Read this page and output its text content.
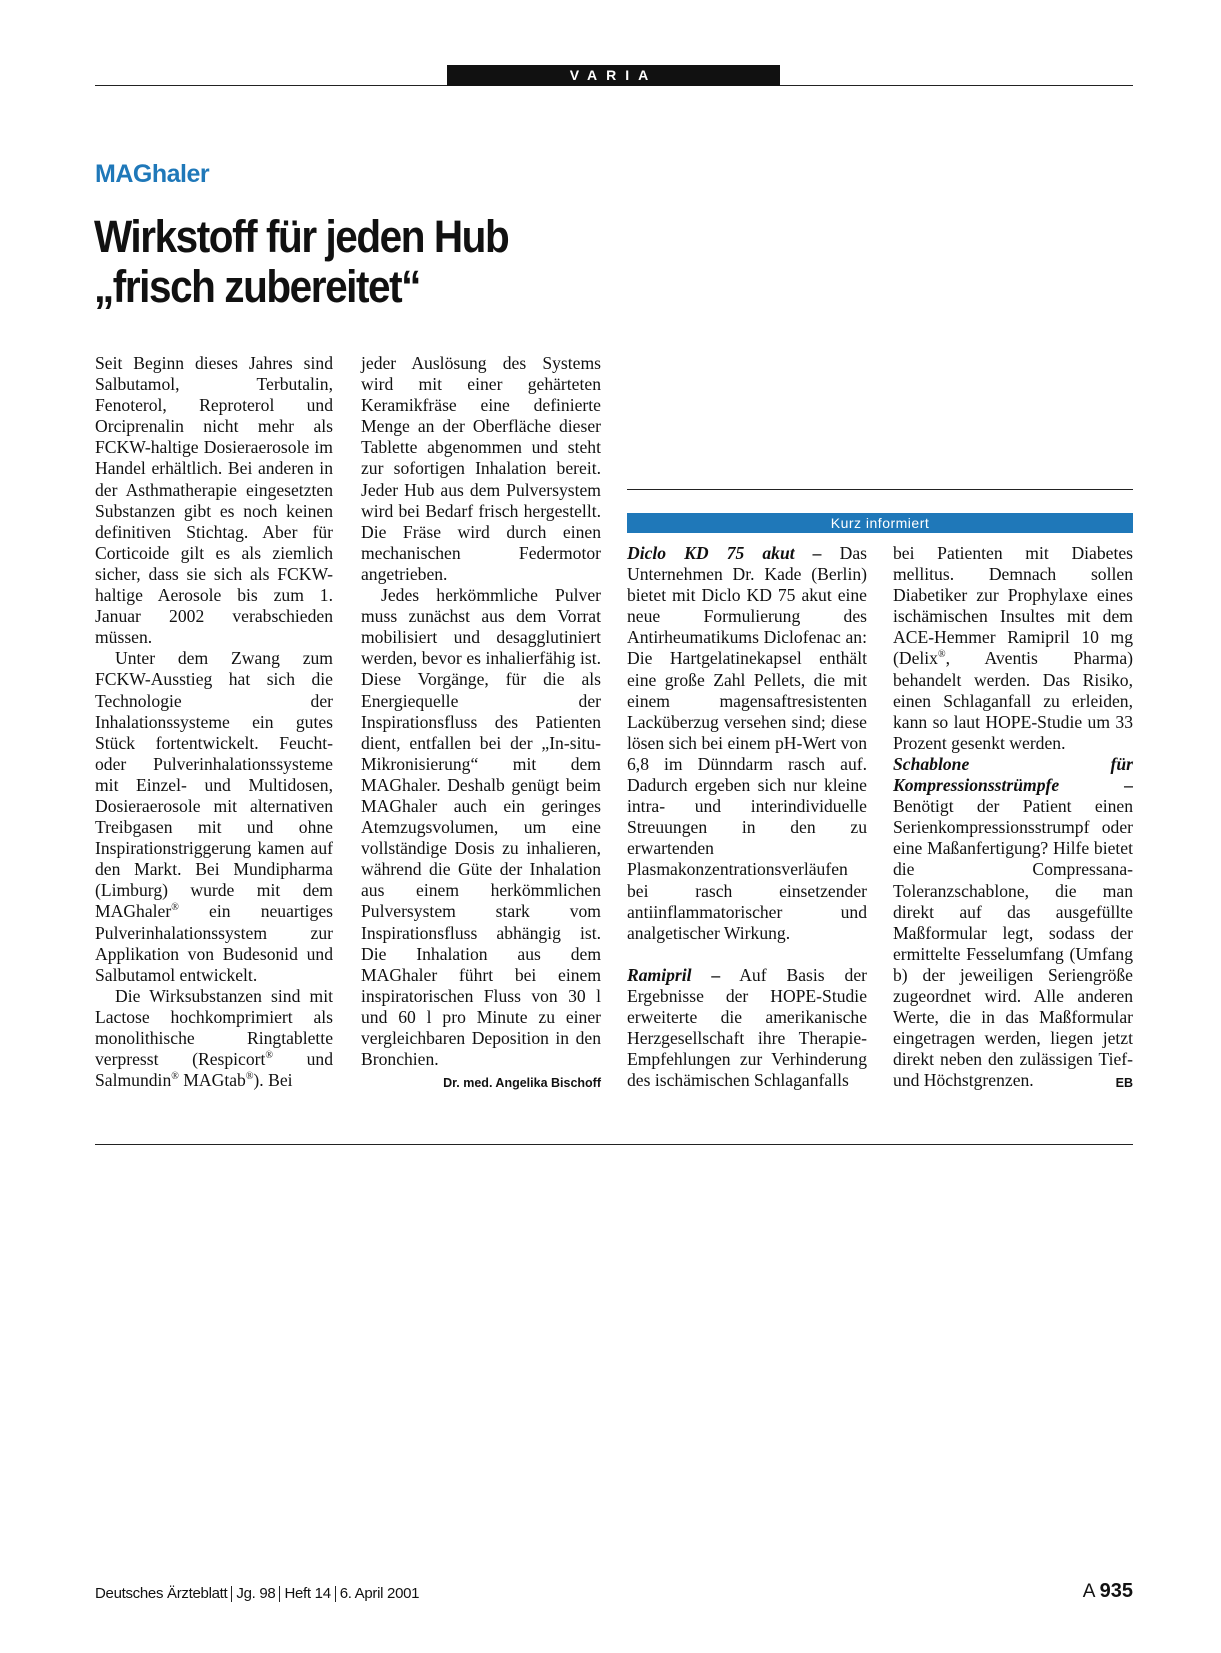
VARIA
MAGhaler
Wirkstoff für jeden Hub
„frisch zubereitet“

Seit Beginn dieses Jahres sind Salbutamol, Terbutalin, Fenoterol, Reproterol und Orciprenalin nicht mehr als FCKW-haltige Dosieraerosole im Handel erhältlich. Bei anderen in der Asthmatherapie eingesetzten Substanzen gibt es noch keinen definitiven Stichtag. Aber für Corticoide gilt es als ziemlich sicher, dass sie sich als FCKW-haltige Aerosole bis zum 1. Januar 2002 verabschieden müssen.

Unter dem Zwang zum FCKW-Ausstieg hat sich die Technologie der Inhalationssysteme ein gutes Stück fortentwickelt. Feucht- oder Pulverinhalationssysteme mit Einzel- und Multidosen, Dosieraerosole mit alternativen Treibgasen mit und ohne Inspirationstriggerung kamen auf den Markt. Bei Mundipharma (Limburg) wurde mit dem MAGhaler® ein neuartiges Pulverinhalationssystem zur Applikation von Budesonid und Salbutamol entwickelt.

Die Wirksubstanzen sind mit Lactose hochkomprimiert als monolithische Ringtablette verpresst (Respicort® und Salmundin® MAGtab®). Bei

jeder Auslösung des Systems wird mit einer gehärteten Keramikfräse eine definierte Menge an der Oberfläche dieser Tablette abgenommen und steht zur sofortigen Inhalation bereit. Jeder Hub aus dem Pulversystem wird bei Bedarf frisch hergestellt. Die Fräse wird durch einen mechanischen Federmotor angetrieben.

Jedes herkömmliche Pulver muss zunächst aus dem Vorrat mobilisiert und desagglutiniert werden, bevor es inhalierfähig ist. Diese Vorgänge, für die als Energiequelle der Inspirationsfluss des Patienten dient, entfallen bei der „In-situ-Mikronisierung“ mit dem MAGhaler. Deshalb genügt beim MAGhaler auch ein geringes Atemzugsvolumen, um eine vollständige Dosis zu inhalieren, während die Güte der Inhalation aus einem herkömmlichen Pulversystem stark vom Inspirationsfluss abhängig ist. Die Inhalation aus dem MAGhaler führt bei einem inspiratorischen Fluss von 30 l und 60 l pro Minute zu einer vergleichbaren Deposition in den Bronchien.
Dr. med. Angelika Bischoff

Kurz informiert

Diclo KD 75 akut – Das Unternehmen Dr. Kade (Berlin) bietet mit Diclo KD 75 akut eine neue Formulierung des Antirheumatikums Diclofenac an: Die Hartgelatinekapsel enthält eine große Zahl Pellets, die mit einem magensaftresistenten Lacküberzug versehen sind; diese lösen sich bei einem pH-Wert von 6,8 im Dünndarm rasch auf. Dadurch ergeben sich nur kleine intra- und interindividuelle Streuungen in den zu erwartenden Plasmakonzentrationsverläufen bei rasch einsetzender antiinflammatorischer und analgetischer Wirkung.

Ramipril – Auf Basis der Ergebnisse der HOPE-Studie erweiterte die amerikanische Herzgesellschaft ihre Therapie-Empfehlungen zur Verhinderung des ischämischen Schlaganfalls

bei Patienten mit Diabetes mellitus. Demnach sollen Diabetiker zur Prophylaxe eines ischämischen Insultes mit dem ACE-Hemmer Ramipril 10 mg (Delix®, Aventis Pharma) behandelt werden. Das Risiko, einen Schlaganfall zu erleiden, kann so laut HOPE-Studie um 33 Prozent gesenkt werden.

Schablone für Kompressionsstrümpfe – Benötigt der Patient einen Serienkompressionsstrumpf oder eine Maßanfertigung? Hilfe bietet die Compressana-Toleranzschablone, die man direkt auf das ausgefüllte Maßformular legt, sodass der ermittelte Fesselumfang (Umfang b) der jeweiligen Seriengröße zugeordnet wird. Alle anderen Werte, die in das Maßformular eingetragen werden, liegen jetzt direkt neben den zulässigen Tief- und Höchstgrenzen.	EB

Deutsches Ärzteblatt Jg. 98 Heft 14 6. April 2001	A 935
